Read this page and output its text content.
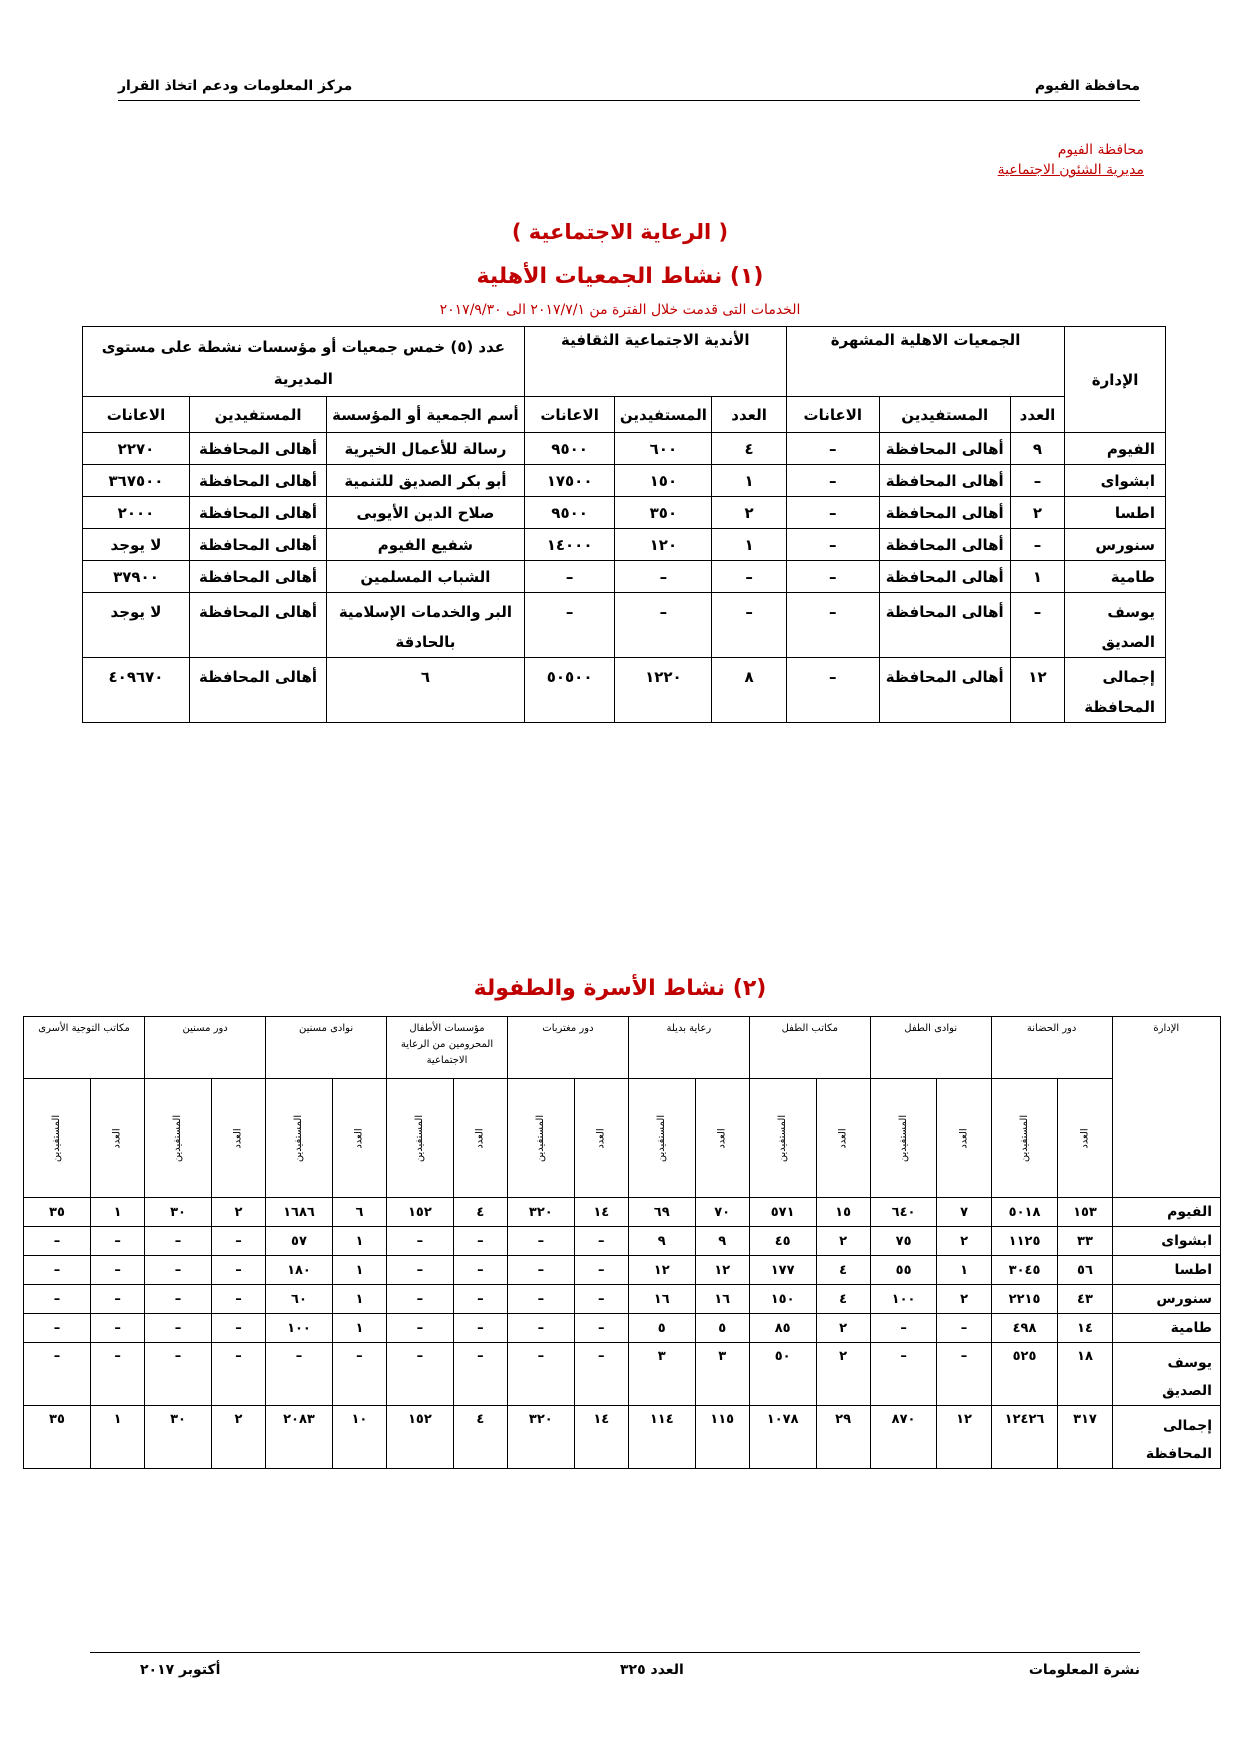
محافظة الفيوم
مركز المعلومات ودعم اتخاذ القرار
محافظة الفيوم
مديرية الشئون الاجتماعية
( الرعاية الاجتماعية )
(١) نشاط الجمعيات الأهلية
الخدمات التى قدمت خلال الفترة من ٢٠١٧/٧/١ الى ٢٠١٧/٩/٣٠
الإدارة	الجمعيات الاهلية المشهرة			الأندية الاجتماعية الثقافية			عدد (٥) خمس جمعيات أو مؤسسات نشطة على مستوى المديرية		
	العدد	المستفيدين	الاعانات	العدد	المستفيدين	الاعانات	أسم الجمعية أو المؤسسة	المستفيدين	الاعانات
الفيوم	٩	أهالى المحافظة	–	٤	٦٠٠	٩٥٠٠	رسالة للأعمال الخيرية	أهالى المحافظة	٢٢٧٠
ابشواى	–	أهالى المحافظة	–	١	١٥٠	١٧٥٠٠	أبو بكر الصديق للتنمية	أهالى المحافظة	٣٦٧٥٠٠
اطسا	٢	أهالى المحافظة	–	٢	٣٥٠	٩٥٠٠	صلاح الدين الأيوبى	أهالى المحافظة	٢٠٠٠
سنورس	–	أهالى المحافظة	–	١	١٢٠	١٤٠٠٠	شفيع الفيوم	أهالى المحافظة	لا يوجد
طامية	١	أهالى المحافظة	–	–	–	–	الشباب المسلمين	أهالى المحافظة	٣٧٩٠٠
يوسف الصديق	–	أهالى المحافظة	–	–	–	–	البر والخدمات الإسلامية بالحادقة	أهالى المحافظة	لا يوجد
إجمالى المحافظة	١٢	أهالى المحافظة	–	٨	١٢٢٠	٥٠٥٠٠	٦	أهالى المحافظة	٤٠٩٦٧٠
(٢) نشاط الأسرة والطفولة
الإدارة	دور الحضانة		نوادى الطفل		مكاتب الطفل		رعاية بديلة		دور مغتربات		مؤسسات الأطفال المحرومين من الرعاية الاجتماعية		نوادى مسنين		دور مسنين		مكاتب التوجية الأسرى	
	العدد	المستفيدين	العدد	المستفيدين	العدد	المستفيدين	العدد	المستفيدين	العدد	المستفيدين	العدد	المستفيدين	العدد	المستفيدين	العدد	المستفيدين	العدد	المستفيدين
الفيوم	١٥٣	٥٠١٨	٧	٦٤٠	١٥	٥٧١	٧٠	٦٩	١٤	٣٢٠	٤	١٥٢	٦	١٦٨٦	٢	٣٠	١	٣٥
ابشواى	٣٣	١١٢٥	٢	٧٥	٢	٤٥	٩	٩	–	–	–	–	١	٥٧	–	–	–	–
اطسا	٥٦	٣٠٤٥	١	٥٥	٤	١٧٧	١٢	١٢	–	–	–	–	١	١٨٠	–	–	–	–
سنورس	٤٣	٢٢١٥	٢	١٠٠	٤	١٥٠	١٦	١٦	–	–	–	–	١	٦٠	–	–	–	–
طامية	١٤	٤٩٨	–	–	٢	٨٥	٥	٥	–	–	–	–	١	١٠٠	–	–	–	–
يوسف الصديق	١٨	٥٢٥	–	–	٢	٥٠	٣	٣	–	–	–	–	–	–	–	–	–	–
إجمالى المحافظة	٣١٧	١٢٤٢٦	١٢	٨٧٠	٢٩	١٠٧٨	١١٥	١١٤	١٤	٣٢٠	٤	١٥٢	١٠	٢٠٨٣	٢	٣٠	١	٣٥
نشرة المعلومات
العدد ٣٢٥
أكتوبر ٢٠١٧
